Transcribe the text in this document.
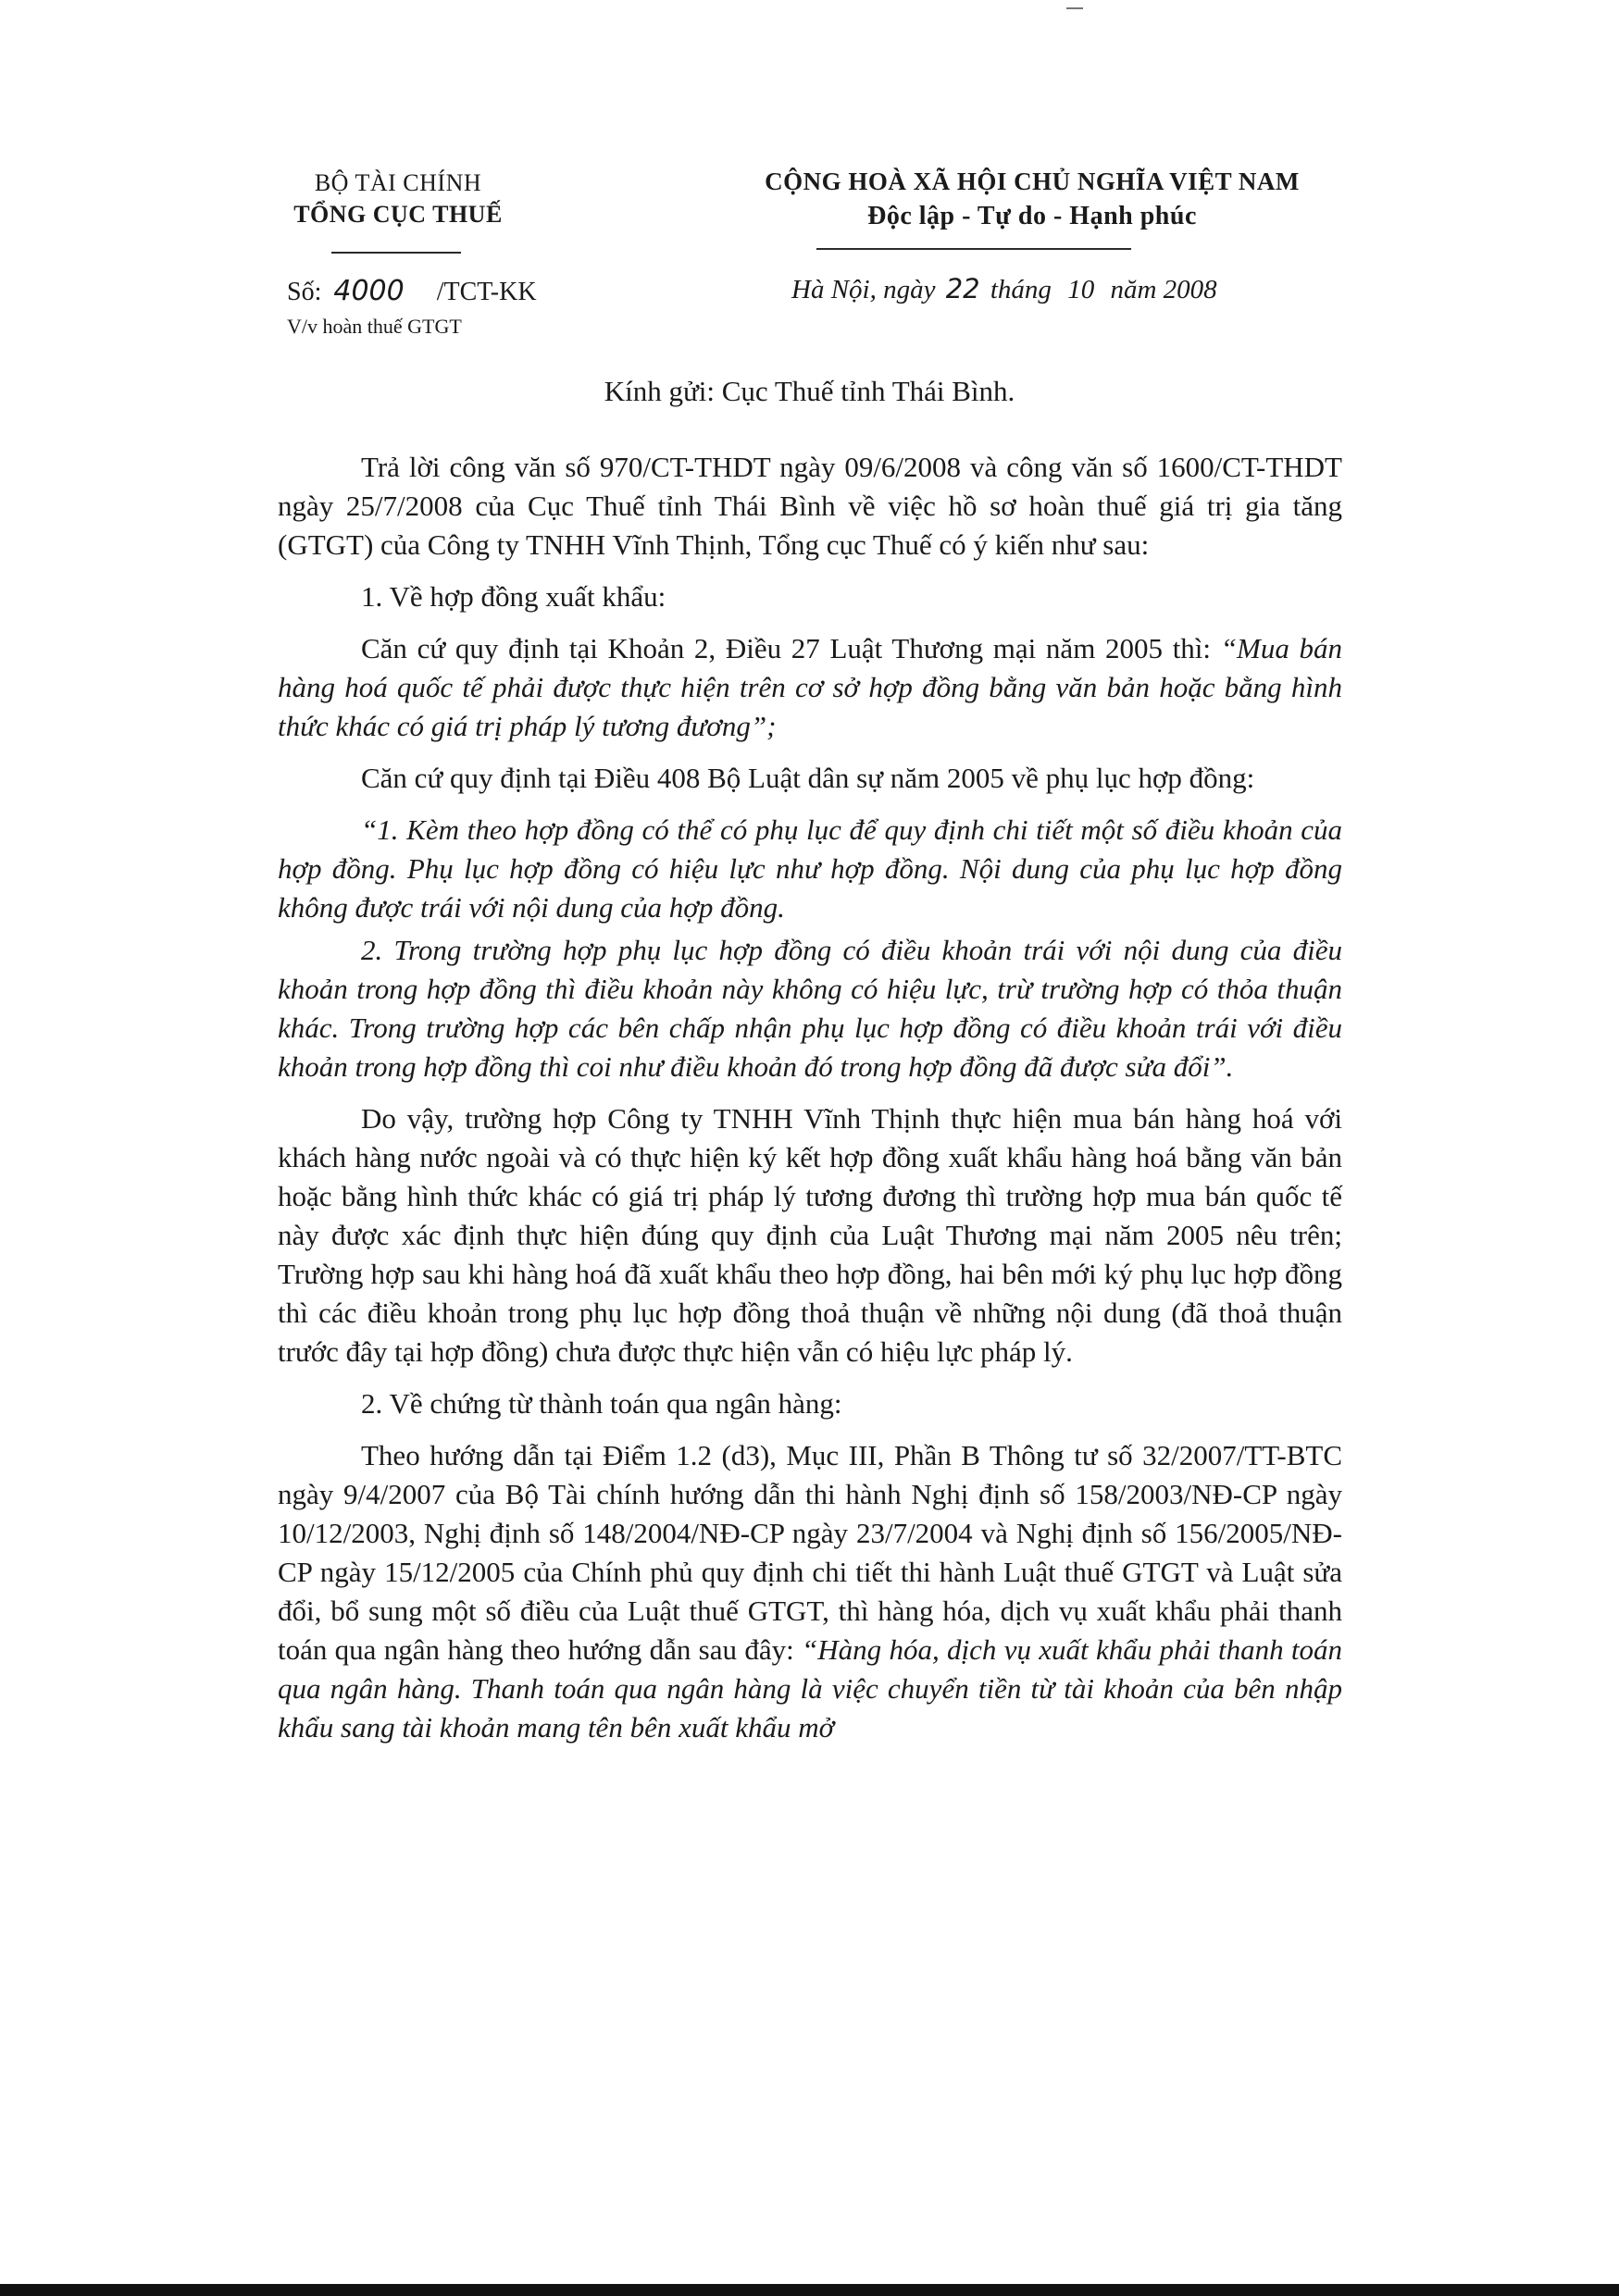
BỘ TÀI CHÍNH
TỔNG CỤC THUẾ
CỘNG HOÀ XÃ HỘI CHỦ NGHĨA VIỆT NAM
Độc lập - Tự do - Hạnh phúc
Số: 4000 /TCT-KK
V/v hoàn thuế GTGT
Hà Nội, ngày 22 tháng 10 năm 2008
Kính gửi: Cục Thuế tỉnh Thái Bình.

Trả lời công văn số 970/CT-THDT ngày 09/6/2008 và công văn số 1600/CT-THDT ngày 25/7/2008 của Cục Thuế tỉnh Thái Bình về việc hồ sơ hoàn thuế giá trị gia tăng (GTGT) của Công ty TNHH Vĩnh Thịnh, Tổng cục Thuế có ý kiến như sau:

1. Về hợp đồng xuất khẩu:

Căn cứ quy định tại Khoản 2, Điều 27 Luật Thương mại năm 2005 thì: “Mua bán hàng hoá quốc tế phải được thực hiện trên cơ sở hợp đồng bằng văn bản hoặc bằng hình thức khác có giá trị pháp lý tương đương”;

Căn cứ quy định tại Điều 408 Bộ Luật dân sự năm 2005 về phụ lục hợp đồng:

“1. Kèm theo hợp đồng có thể có phụ lục để quy định chi tiết một số điều khoản của hợp đồng. Phụ lục hợp đồng có hiệu lực như hợp đồng. Nội dung của phụ lục hợp đồng không được trái với nội dung của hợp đồng.

2. Trong trường hợp phụ lục hợp đồng có điều khoản trái với nội dung của điều khoản trong hợp đồng thì điều khoản này không có hiệu lực, trừ trường hợp có thỏa thuận khác. Trong trường hợp các bên chấp nhận phụ lục hợp đồng có điều khoản trái với điều khoản trong hợp đồng thì coi như điều khoản đó trong hợp đồng đã được sửa đổi”.

Do vậy, trường hợp Công ty TNHH Vĩnh Thịnh thực hiện mua bán hàng hoá với khách hàng nước ngoài và có thực hiện ký kết hợp đồng xuất khẩu hàng hoá bằng văn bản hoặc bằng hình thức khác có giá trị pháp lý tương đương thì trường hợp mua bán quốc tế này được xác định thực hiện đúng quy định của Luật Thương mại năm 2005 nêu trên; Trường hợp sau khi hàng hoá đã xuất khẩu theo hợp đồng, hai bên mới ký phụ lục hợp đồng thì các điều khoản trong phụ lục hợp đồng thoả thuận về những nội dung (đã thoả thuận trước đây tại hợp đồng) chưa được thực hiện vẫn có hiệu lực pháp lý.

2. Về chứng từ thành toán qua ngân hàng:

Theo hướng dẫn tại Điểm 1.2 (d3), Mục III, Phần B Thông tư số 32/2007/TT-BTC ngày 9/4/2007 của Bộ Tài chính hướng dẫn thi hành Nghị định số 158/2003/NĐ-CP ngày 10/12/2003, Nghị định số 148/2004/NĐ-CP ngày 23/7/2004 và Nghị định số 156/2005/NĐ-CP ngày 15/12/2005 của Chính phủ quy định chi tiết thi hành Luật thuế GTGT và Luật sửa đổi, bổ sung một số điều của Luật thuế GTGT, thì hàng hóa, dịch vụ xuất khẩu phải thanh toán qua ngân hàng theo hướng dẫn sau đây: “Hàng hóa, dịch vụ xuất khẩu phải thanh toán qua ngân hàng. Thanh toán qua ngân hàng là việc chuyển tiền từ tài khoản của bên nhập khẩu sang tài khoản mang tên bên xuất khẩu mở
